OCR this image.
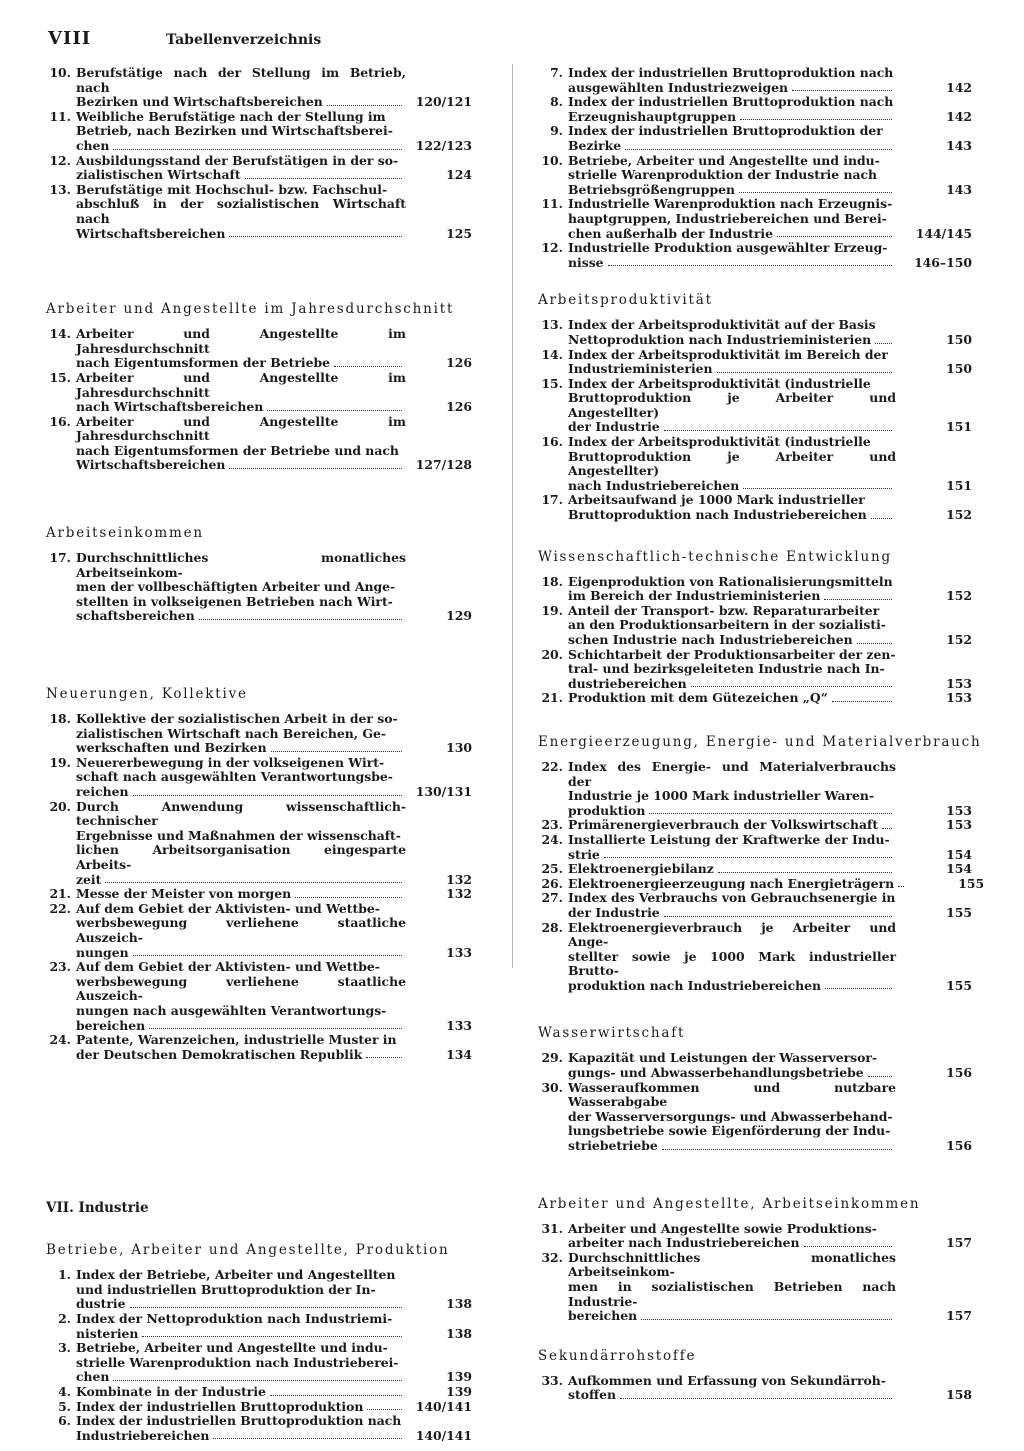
VIII	Tabellenverzeichnis
10. Berufstätige nach der Stellung im Betrieb, nach
Bezirken und Wirtschaftsbereichen	120/121
11. Weibliche Berufstätige nach der Stellung im
Betrieb, nach Bezirken und Wirtschaftsberei-
chen	122/123
12. Ausbildungsstand der Berufstätigen in der so-
zialistischen Wirtschaft	124
13. Berufstätige mit Hochschul- bzw. Fachschul-
abschluß in der sozialistischen Wirtschaft nach
Wirtschaftsbereichen	125
Arbeiter und Angestellte im Jahresdurchschnitt
14. Arbeiter und Angestellte im Jahresdurchschnitt
nach Eigentumsformen der Betriebe	126
15. Arbeiter und Angestellte im Jahresdurchschnitt
nach Wirtschaftsbereichen	126
16. Arbeiter und Angestellte im Jahresdurchschnitt
nach Eigentumsformen der Betriebe und nach
Wirtschaftsbereichen	127/128
Arbeitseinkommen
17. Durchschnittliches monatliches Arbeitseinkom-
men der vollbeschäftigten Arbeiter und Ange-
stellten in volkseigenen Betrieben nach Wirt-
schaftsbereichen	129
Neuerungen, Kollektive
18. Kollektive der sozialistischen Arbeit in der so-
zialistischen Wirtschaft nach Bereichen, Ge-
werkschaften und Bezirken	130
19. Neuererbewegung in der volkseigenen Wirt-
schaft nach ausgewählten Verantwortungsbe-
reichen	130/131
20. Durch Anwendung wissenschaftlich-technischer
Ergebnisse und Maßnahmen der wissenschaft-
lichen Arbeitsorganisation eingesparte Arbeits-
zeit	132
21. Messe der Meister von morgen	132
22. Auf dem Gebiet der Aktivisten- und Wettbe-
werbsbewegung verliehene staatliche Auszeich-
nungen	133
23. Auf dem Gebiet der Aktivisten- und Wettbe-
werbsbewegung verliehene staatliche Auszeich-
nungen nach ausgewählten Verantwortungs-
bereichen	133
24. Patente, Warenzeichen, industrielle Muster in
der Deutschen Demokratischen Republik	134
VII. Industrie
Betriebe, Arbeiter und Angestellte, Produktion
1. Index der Betriebe, Arbeiter und Angestellten
und industriellen Bruttoproduktion der In-
dustrie	138
2. Index der Nettoproduktion nach Industriemi-
nisterien	138
3. Betriebe, Arbeiter und Angestellte und indu-
strielle Warenproduktion nach Industrieberei-
chen	139
4. Kombinate in der Industrie	139
5. Index der industriellen Bruttoproduktion	140/141
6. Index der industriellen Bruttoproduktion nach
Industriebereichen	140/141
7. Index der industriellen Bruttoproduktion nach
ausgewählten Industriezweigen	142
8. Index der industriellen Bruttoproduktion nach
Erzeugnishauptgruppen	142
9. Index der industriellen Bruttoproduktion der
Bezirke	143
10. Betriebe, Arbeiter und Angestellte und indu-
strielle Warenproduktion der Industrie nach
Betriebsgrößengruppen	143
11. Industrielle Warenproduktion nach Erzeugnis-
hauptgruppen, Industriebereichen und Berei-
chen außerhalb der Industrie	144/145
12. Industrielle Produktion ausgewählter Erzeug-
nisse	146–150
Arbeitsproduktivität
13. Index der Arbeitsproduktivität auf der Basis
Nettoproduktion nach Industrieministerien	150
14. Index der Arbeitsproduktivität im Bereich der
Industrieministerien	150
15. Index der Arbeitsproduktivität (industrielle
Bruttoproduktion je Arbeiter und Angestellter)
der Industrie	151
16. Index der Arbeitsproduktivität (industrielle
Bruttoproduktion je Arbeiter und Angestellter)
nach Industriebereichen	151
17. Arbeitsaufwand je 1000 Mark industrieller
Bruttoproduktion nach Industriebereichen	152
Wissenschaftlich-technische Entwicklung
18. Eigenproduktion von Rationalisierungsmitteln
im Bereich der Industrieministerien	152
19. Anteil der Transport- bzw. Reparaturarbeiter
an den Produktionsarbeitern in der sozialisti-
schen Industrie nach Industriebereichen	152
20. Schichtarbeit der Produktionsarbeiter der zen-
tral- und bezirksgeleiteten Industrie nach In-
dustriebereichen	153
21. Produktion mit dem Gütezeichen „Q“	153
Energieerzeugung, Energie- und Materialverbrauch
22. Index des Energie- und Materialverbrauchs der
Industrie je 1000 Mark industrieller Waren-
produktion	153
23. Primärenergieverbrauch der Volkswirtschaft	153
24. Installierte Leistung der Kraftwerke der Indu-
strie	154
25. Elektroenergiebilanz	154
26. Elektroenergieerzeugung nach Energieträgern	155
27. Index des Verbrauchs von Gebrauchsenergie in
der Industrie	155
28. Elektroenergieverbrauch je Arbeiter und Ange-
stellter sowie je 1000 Mark industrieller Brutto-
produktion nach Industriebereichen	155
Wasserwirtschaft
29. Kapazität und Leistungen der Wasserversor-
gungs- und Abwasserbehandlungsbetriebe	156
30. Wasseraufkommen und nutzbare Wasserabgabe
der Wasserversorgungs- und Abwasserbehand-
lungsbetriebe sowie Eigenförderung der Indu-
striebetriebe	156
Arbeiter und Angestellte, Arbeitseinkommen
31. Arbeiter und Angestellte sowie Produktions-
arbeiter nach Industriebereichen	157
32. Durchschnittliches monatliches Arbeitseinkom-
men in sozialistischen Betrieben nach Industrie-
bereichen	157
Sekundärrohstoffe
33. Aufkommen und Erfassung von Sekundärroh-
stoffen	158
